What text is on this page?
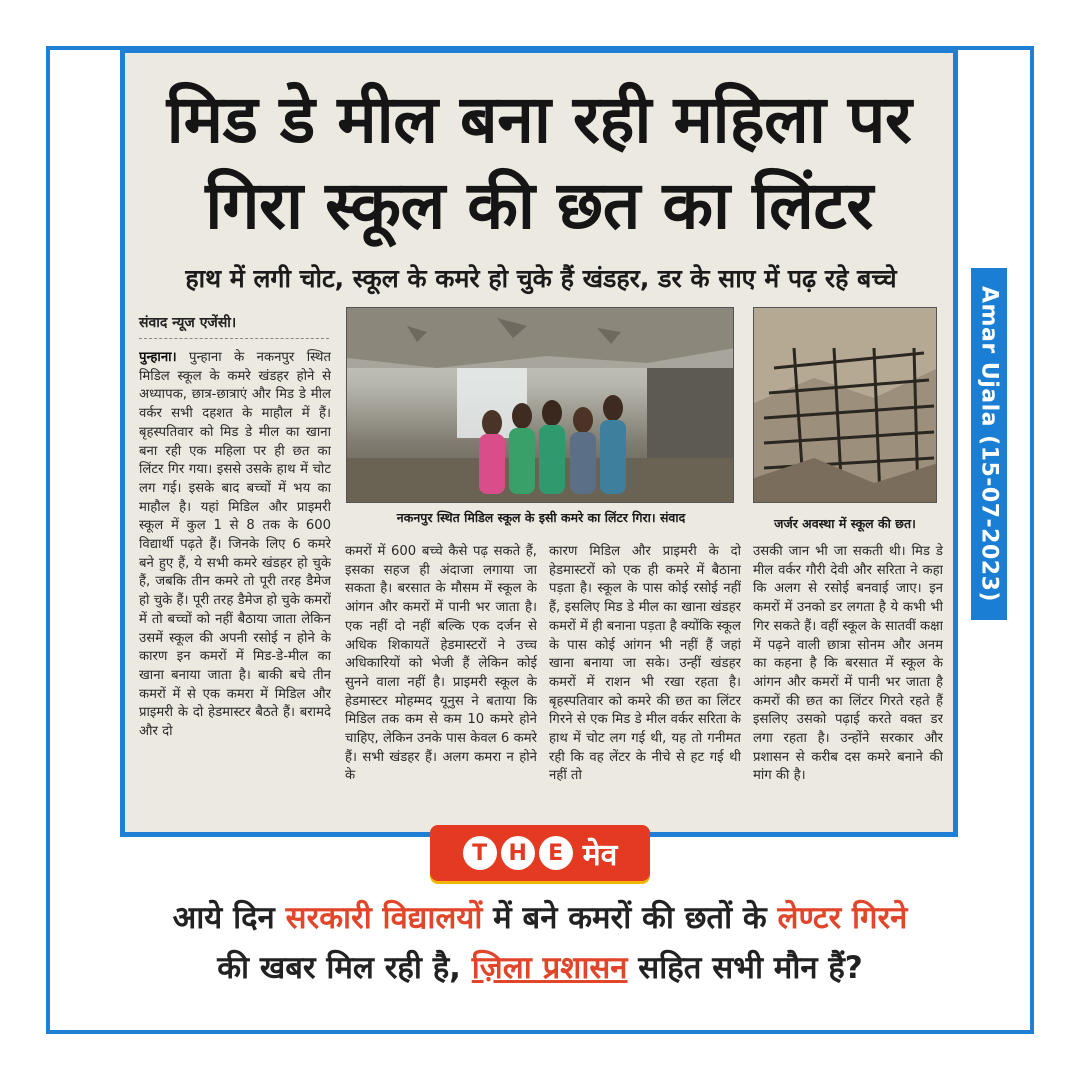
मिड डे मील बना रही महिला पर
गिरा स्कूल की छत का लिंटर
हाथ में लगी चोट, स्कूल के कमरे हो चुके हैं खंडहर, डर के साए में पढ़ रहे बच्चे
संवाद न्यूज एजेंसी।
पुन्हाना। पुन्हाना के नकनपुर स्थित मिडिल स्कूल के कमरे खंडहर होने से अध्यापक, छात्र-छात्राएं और मिड डे मील वर्कर सभी दहशत के माहौल में हैं। बृहस्पतिवार को मिड डे मील का खाना बना रही एक महिला पर ही छत का लिंटर गिर गया। इससे उसके हाथ में चोट लग गई। इसके बाद बच्चों में भय का माहौल है। यहां मिडिल और प्राइमरी स्कूल में कुल 1 से 8 तक के 600 विद्यार्थी पढ़ते हैं। जिनके लिए 6 कमरे बने हुए हैं, ये सभी कमरे खंडहर हो चुके हैं, जबकि तीन कमरे तो पूरी तरह डैमेज हो चुके हैं। पूरी तरह डैमेज हो चुके कमरों में तो बच्चों को नहीं बैठाया जाता लेकिन उसमें स्कूल की अपनी रसोई न होने के कारण इन कमरों में मिड-डे-मील का खाना बनाया जाता है। बाकी बचे तीन कमरों में से एक कमरा में मिडिल और प्राइमरी के दो हेडमास्टर बैठते हैं। बरामदे और दो
नकनपुर स्थित मिडिल स्कूल के इसी कमरे का लिंटर गिरा। संवाद	जर्जर अवस्था में स्कूल की छत।
कमरों में 600 बच्चे कैसे पढ़ सकते हैं, इसका सहज ही अंदाजा लगाया जा सकता है। बरसात के मौसम में स्कूल के आंगन और कमरों में पानी भर जाता है। एक नहीं दो नहीं बल्कि एक दर्जन से अधिक शिकायतें हेडमास्टरों ने उच्च अधिकारियों को भेजी हैं लेकिन कोई सुनने वाला नहीं है। प्राइमरी स्कूल के हेडमास्टर मोहम्मद यूनुस ने बताया कि मिडिल तक कम से कम 10 कमरे होने चाहिए, लेकिन उनके पास केवल 6 कमरे हैं। सभी खंडहर हैं। अलग कमरा न होने के
कारण मिडिल और प्राइमरी के दो हेडमास्टरों को एक ही कमरे में बैठाना पड़ता है। स्कूल के पास कोई रसोई नहीं हैं, इसलिए मिड डे मील का खाना खंडहर कमरों में ही बनाना पड़ता है क्योंकि स्कूल के पास कोई आंगन भी नहीं हैं जहां खाना बनाया जा सके। उन्हीं खंडहर कमरों में राशन भी रखा रहता है। बृहस्पतिवार को कमरे की छत का लिंटर गिरने से एक मिड डे मील वर्कर सरिता के हाथ में चोट लग गई थी, यह तो गनीमत रही कि वह लेंटर के नीचे से हट गई थी नहीं तो
उसकी जान भी जा सकती थी। मिड डे मील वर्कर गौरी देवी और सरिता ने कहा कि अलग से रसोई बनवाई जाए। इन कमरों में उनको डर लगता है ये कभी भी गिर सकते हैं। वहीं स्कूल के सातवीं कक्षा में पढ़ने वाली छात्रा सोनम और अनम का कहना है कि बरसात में स्कूल के आंगन और कमरों में पानी भर जाता है कमरों की छत का लिंटर गिरते रहते हैं इसलिए उसको पढ़ाई करते वक्त डर लगा रहता है। उन्होंने सरकार और प्रशासन से करीब दस कमरे बनाने की मांग की है।
Amar Ujala (15-07-2023)
T H E मेव
आये दिन सरकारी विद्यालयों में बने कमरों की छतों के लेण्टर गिरने
की खबर मिल रही है, ज़िला प्रशासन सहित सभी मौन हैं?
